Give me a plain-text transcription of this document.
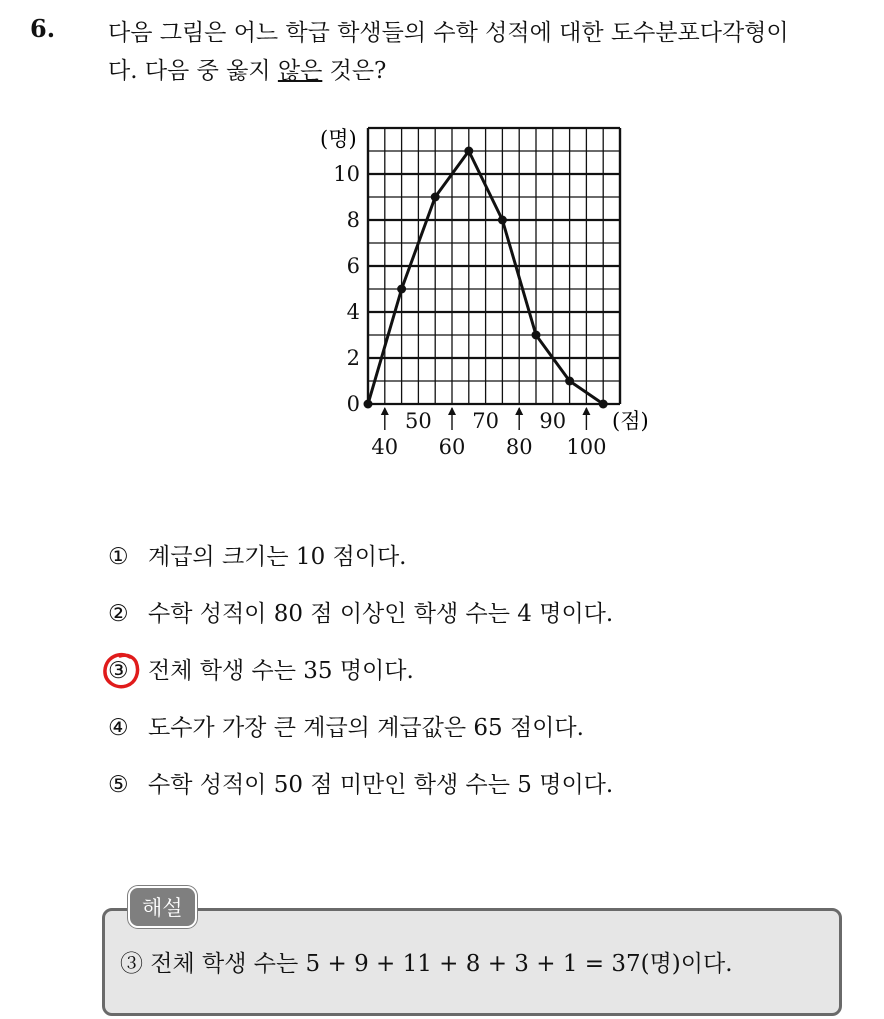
6. 다음 그림은 어느 학급 학생들의 수학 성적에 대한 도수분포다각형이
다. 다음 중 옳지 않은 것은?
0
2
4
6
8
10
50 70 90
40 60 80 100
(명)
(점)
① 계급의 크기는 10 점이다.
② 수학 성적이 80 점 이상인 학생 수는 4 명이다.
③ 전체 학생 수는 35 명이다.
④ 도수가 가장 큰 계급의 계급값은 65 점이다.
⑤ 수학 성적이 50 점 미만인 학생 수는 5 명이다.
해설
③ 전체 학생 수는 5 + 9 + 11 + 8 + 3 + 1 = 37(명)이다.
